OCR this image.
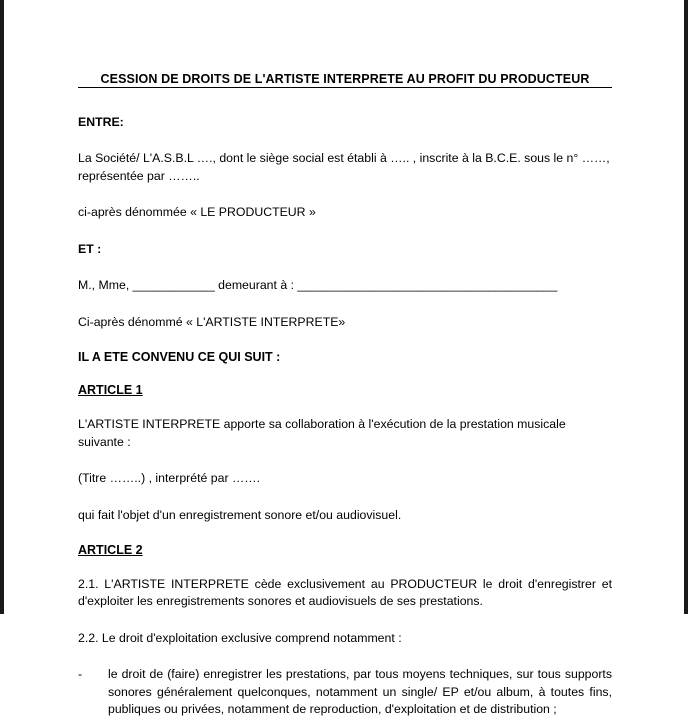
CESSION DE DROITS DE L'ARTISTE INTERPRETE AU PROFIT DU PRODUCTEUR
ENTRE:
La Société/ L'A.S.B.L …., dont le siège social est établi à ….. , inscrite à la B.C.E. sous le n° ……, représentée par ……..
ci-après dénommée « LE PRODUCTEUR »
ET :
M., Mme, ____________ demeurant à : ______________________________________
Ci-après dénommé « L'ARTISTE INTERPRETE»
IL A ETE CONVENU CE QUI SUIT :
ARTICLE 1
L'ARTISTE INTERPRETE apporte sa collaboration à l'exécution de la prestation musicale suivante :
(Titre ……..) , interprété par …….
qui fait l'objet d'un enregistrement sonore et/ou audiovisuel.
ARTICLE 2
2.1. L'ARTISTE INTERPRETE cède exclusivement au PRODUCTEUR le droit d'enregistrer et d'exploiter les enregistrements sonores et audiovisuels de ses prestations.
2.2. Le droit d'exploitation exclusive comprend notamment :
-	le droit de (faire) enregistrer les prestations, par tous moyens techniques, sur tous supports sonores généralement quelconques, notamment un single/ EP et/ou album, à toutes fins, publiques ou privées, notamment de reproduction, d'exploitation et de distribution ;
